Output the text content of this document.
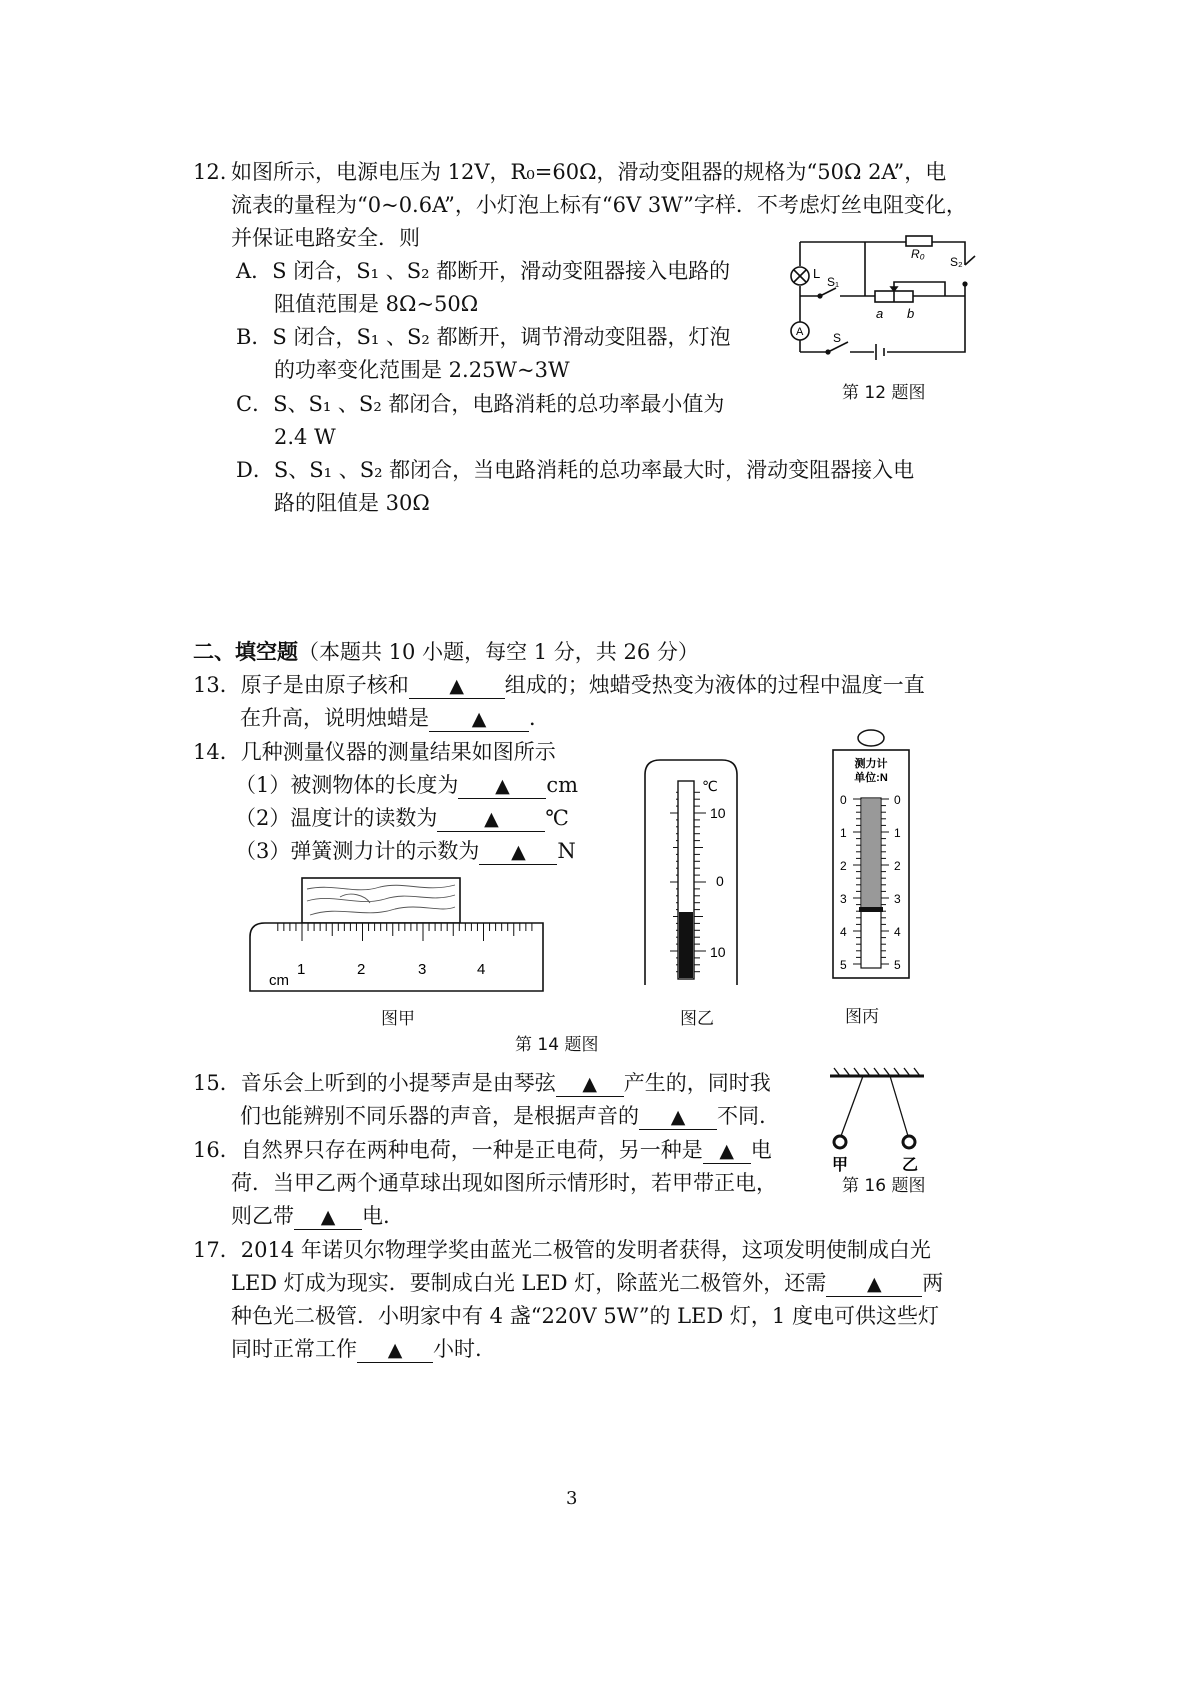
12. 如图所示，电源电压为 12V，R₀=60Ω，滑动变阻器的规格为“50Ω 2A”，电
流表的量程为“0~0.6A”，小灯泡上标有“6V 3W”字样．不考虑灯丝电阻变化，
并保证电路安全．则
A．S 闭合，S₁ 、S₂ 都断开，滑动变阻器接入电路的
阻值范围是 8Ω~50Ω
B．S 闭合，S₁ 、S₂ 都断开，调节滑动变阻器，灯泡
的功率变化范围是 2.25W~3W
C．S、S₁ 、S₂ 都闭合，电路消耗的总功率最小值为
2.4 W
D．S、S₁ 、S₂ 都闭合，当电路消耗的总功率最大时，滑动变阻器接入电
路的阻值是 30Ω
L
R₀
S₂
S₁
S
A
a b
第 12 题图
二、填空题（本题共 10 小题，每空 1 分，共 26 分）
13．原子是由原子核和 ▲ 组成的；烛蜡受热变为液体的过程中温度一直
在升高，说明烛蜡是 ▲ ．
14．几种测量仪器的测量结果如图所示
（1）被测物体的长度为 ▲ cm
（2）温度计的读数为 ▲ ℃
（3）弹簧测力计的示数为 ▲ N
cm
1	2	3	4
图甲
℃
10
0
10
图乙
测力计
单位:N
0
1
2
3
4
5
0
1
2
3
4
5
图丙
第 14 题图
15．音乐会上听到的小提琴声是由琴弦 ▲ 产生的，同时我
们也能辨别不同乐器的声音，是根据声音的 ▲ 不同.
16．自然界只存在两种电荷，一种是正电荷，另一种是 ▲ 电
荷．当甲乙两个通草球出现如图所示情形时，若甲带正电，
则乙带 ▲ 电.
甲	乙
第 16 题图
17．2014 年诺贝尔物理学奖由蓝光二极管的发明者获得，这项发明使制成白光
LED 灯成为现实．要制成白光 LED 灯，除蓝光二极管外，还需 ▲ 两
种色光二极管．小明家中有 4 盏“220V 5W”的 LED 灯，1 度电可供这些灯
同时正常工作 ▲ 小时.
3
